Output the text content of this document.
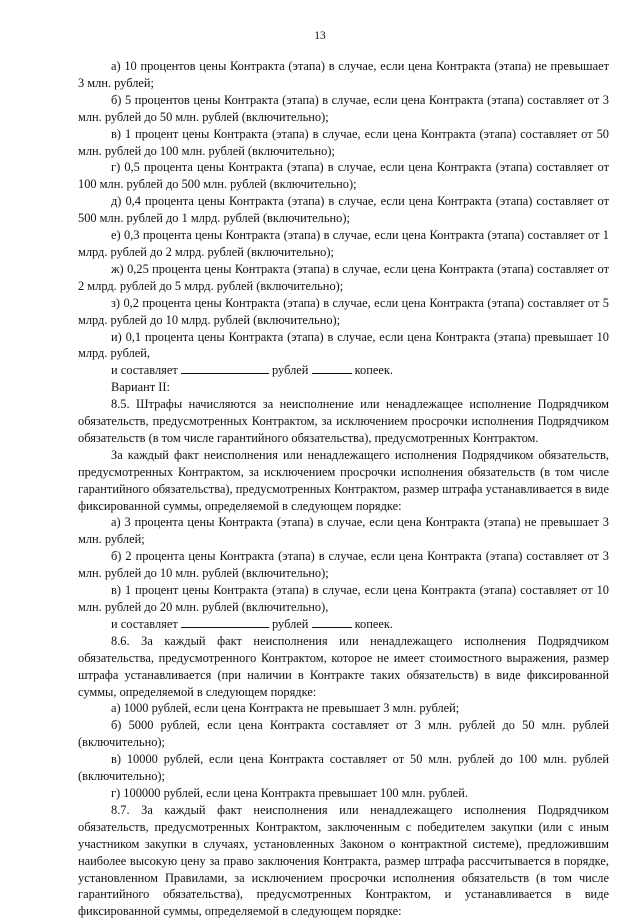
13

а) 10 процентов цены Контракта (этапа) в случае, если цена Контракта (этапа) не превышает 3 млн. рублей;

б) 5 процентов цены Контракта (этапа) в случае, если цена Контракта (этапа) составляет от 3 млн. рублей до 50 млн. рублей (включительно);

в) 1 процент цены Контракта (этапа) в случае, если цена Контракта (этапа) составляет от 50 млн. рублей до 100 млн. рублей (включительно);

г) 0,5 процента цены Контракта (этапа) в случае, если цена Контракта (этапа) составляет от 100 млн. рублей до 500 млн. рублей (включительно);

д) 0,4 процента цены Контракта (этапа) в случае, если цена Контракта (этапа) составляет от 500 млн. рублей до 1 млрд. рублей (включительно);

е) 0,3 процента цены Контракта (этапа) в случае, если цена Контракта (этапа) составляет от 1 млрд. рублей до 2 млрд. рублей (включительно);

ж) 0,25 процента цены Контракта (этапа) в случае, если цена Контракта (этапа) составляет от 2 млрд. рублей до 5 млрд. рублей (включительно);

з) 0,2 процента цены Контракта (этапа) в случае, если цена Контракта (этапа) составляет от 5 млрд. рублей до 10 млрд. рублей (включительно);

и) 0,1 процента цены Контракта (этапа) в случае, если цена Контракта (этапа) превышает 10 млрд. рублей,

и составляет	рублей	копеек.

Вариант II:

8.5. Штрафы начисляются за неисполнение или ненадлежащее исполнение Подрядчиком обязательств, предусмотренных Контрактом, за исключением просрочки исполнения Подрядчиком обязательств (в том числе гарантийного обязательства), предусмотренных Контрактом.

За каждый факт неисполнения или ненадлежащего исполнения Подрядчиком обязательств, предусмотренных Контрактом, за исключением просрочки исполнения обязательств (в том числе гарантийного обязательства), предусмотренных Контрактом, размер штрафа устанавливается в виде фиксированной суммы, определяемой в следующем порядке:

а) 3 процента цены Контракта (этапа) в случае, если цена Контракта (этапа) не превышает 3 млн. рублей;

б) 2 процента цены Контракта (этапа) в случае, если цена Контракта (этапа) составляет от 3 млн. рублей до 10 млн. рублей (включительно);

в) 1 процент цены Контракта (этапа) в случае, если цена Контракта (этапа) составляет от 10 млн. рублей до 20 млн. рублей (включительно),

и составляет	рублей	копеек.

8.6. За каждый факт неисполнения или ненадлежащего исполнения Подрядчиком обязательства, предусмотренного Контрактом, которое не имеет стоимостного выражения, размер штрафа устанавливается (при наличии в Контракте таких обязательств) в виде фиксированной суммы, определяемой в следующем порядке:

а) 1000 рублей, если цена Контракта не превышает 3 млн. рублей;

б) 5000 рублей, если цена Контракта составляет от 3 млн. рублей до 50 млн. рублей (включительно);

в) 10000 рублей, если цена Контракта составляет от 50 млн. рублей до 100 млн. рублей (включительно);

г) 100000 рублей, если цена Контракта превышает 100 млн. рублей.

8.7. За каждый факт неисполнения или ненадлежащего исполнения Подрядчиком обязательств, предусмотренных Контрактом, заключенным с победителем закупки (или с иным участником закупки в случаях, установленных Законом о контрактной системе), предложившим наиболее высокую цену за право заключения Контракта, размер штрафа рассчитывается в порядке, установленном Правилами, за исключением просрочки исполнения обязательств (в том числе гарантийного обязательства), предусмотренных Контрактом, и устанавливается в виде фиксированной суммы, определяемой в следующем порядке:
